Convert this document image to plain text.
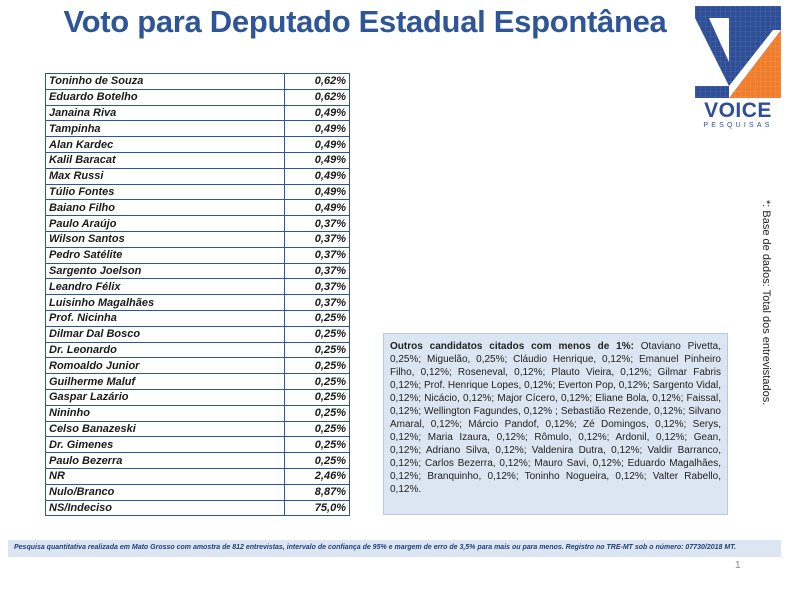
Voto para Deputado Estadual Espontânea
VOICE
PESQUISAS
Toninho de Souza	0,62%
Eduardo Botelho	0,62%
Janaina Riva	0,49%
Tampinha	0,49%
Alan Kardec	0,49%
Kalil Baracat	0,49%
Max Russi	0,49%
Túlio Fontes	0,49%
Baiano Filho	0,49%
Paulo Araújo	0,37%
Wilson Santos	0,37%
Pedro Satélite	0,37%
Sargento Joelson	0,37%
Leandro Félix	0,37%
Luisinho Magalhães	0,37%
Prof. Nicinha	0,25%
Dilmar Dal Bosco	0,25%
Dr. Leonardo	0,25%
Romoaldo Junior	0,25%
Guilherme Maluf	0,25%
Gaspar Lazário	0,25%
Nininho	0,25%
Celso Banazeski	0,25%
Dr. Gimenes	0,25%
Paulo Bezerra	0,25%
NR	2,46%
Nulo/Branco	8,87%
NS/Indeciso	75,0%
Outros candidatos citados com menos de 1%: Otaviano Pivetta, 0,25%; Miguelão, 0,25%; Cláudio Henrique, 0,12%; Emanuel Pinheiro Filho, 0,12%; Roseneval, 0,12%; Plauto Vieira, 0,12%; Gilmar Fabris 0,12%; Prof. Henrique Lopes, 0,12%; Everton Pop, 0,12%; Sargento Vidal, 0,12%; Nicácio, 0,12%; Major Cícero, 0,12%; Eliane Bola, 0,12%; Faissal, 0,12%; Wellington Fagundes, 0,12% ; Sebastião Rezende, 0,12%; Silvano Amaral, 0,12%; Márcio Pandof, 0,12%; Zé Domingos, 0,12%; Serys, 0,12%; Maria Izaura, 0,12%; Rômulo, 0,12%; Ardonil, 0,12%; Gean, 0,12%; Adriano Silva, 0,12%; Valdenira Dutra, 0,12%; Valdir Barranco, 0,12%; Carlos Bezerra, 0,12%; Mauro Savi, 0,12%; Eduardo Magalhães, 0,12%; Branquinho, 0,12%; Toninho Nogueira, 0,12%; Valter Rabello, 0,12%.
*: Base de dados: Total dos entrevistados.
Pesquisa quantitativa realizada em Mato Grosso com amostra de 812 entrevistas, intervalo de confiança de 95% e margem de erro de 3,5% para mais ou para menos. Registro no TRE-MT sob o número: 07730/2018 MT.
1
